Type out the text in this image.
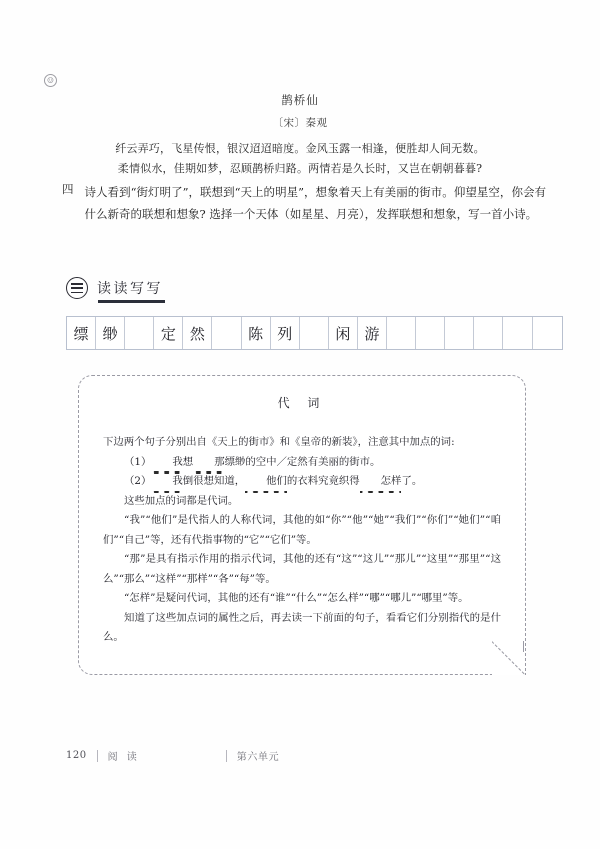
☺
鹊桥仙
〔宋〕秦观
纤云弄巧，飞星传恨，银汉迢迢暗度。金风玉露一相逢，便胜却人间无数。
柔情似水，佳期如梦，忍顾鹊桥归路。两情若是久长时，又岂在朝朝暮暮?
四 诗人看到“街灯明了”，联想到“天上的明星”，想象着天上有美丽的街市。仰望星空，你会有什么新奇的联想和想象? 选择一个天体（如星星、月亮），发挥联想和想象，写一首小诗。
读读写写
缥 缈	定 然	陈 列	闲 游
代 词
下边两个句子分别出自《天上的街市》和《皇帝的新装》，注意其中加点的词:
（1） 我想 那缥缈的空中／定然有美丽的街市。
（2） 我倒很想知道， 他们的衣料究竟织得 怎样了。
这些加点的词都是代词。
“我”“他们”是代指人的人称代词，其他的如“你”“他”“她”“我们”“你们”“她们”“咱们”“自己”等，还有代指事物的“它”“它们”等。
“那”是具有指示作用的指示代词，其他的还有“这”“这儿”“那儿”“这里”“那里”“这么”“那么”“这样”“那样”“各”“每”等。
“怎样”是疑问代词，其他的还有“谁”“什么”“怎么样”“哪”“哪儿”“哪里”等。
知道了这些加点词的属性之后，再去读一下前面的句子，看看它们分别指代的是什么。
120 阅 读	第六单元
